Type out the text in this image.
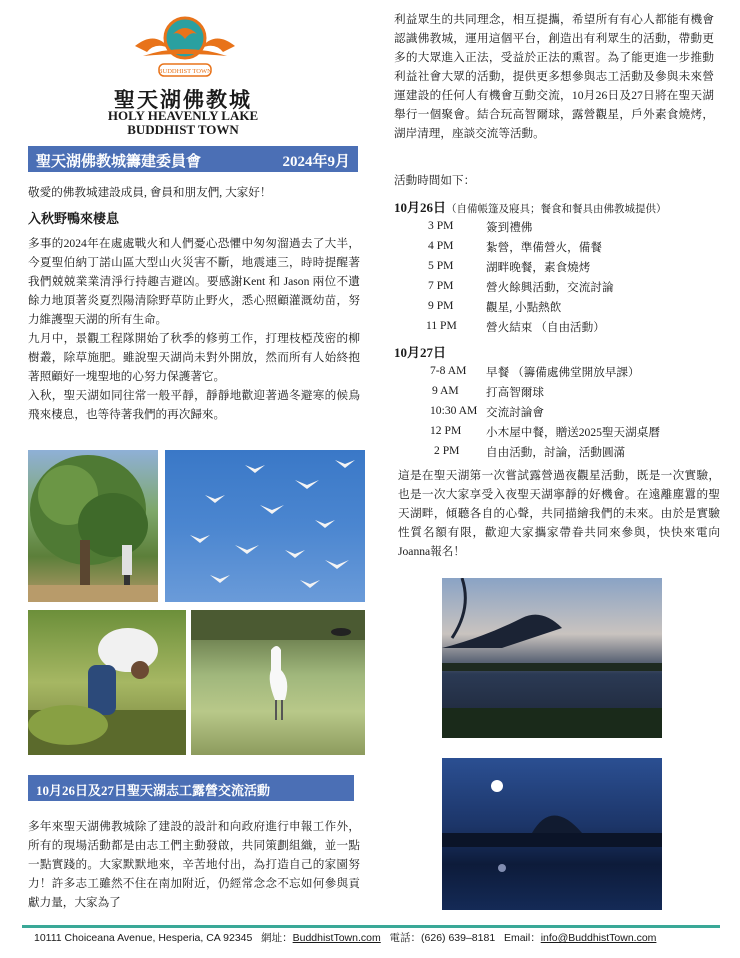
BUDDHIST TOWN
聖天湖佛教城
HOLY HEAVENLY LAKE
BUDDHIST TOWN
聖天湖佛教城籌建委員會	2024年9月
敬愛的佛教城建設成員, 會員和朋友們, 大家好！
入秋野鴨來棲息

多事的2024年在處處戰火和人們憂心恐懼中匆匆溜過去了大半，今夏聖伯納丁諾山區大型山火災害不斷，地震連三，時時提醒著我們兢兢業業清淨行持趣吉避凶。要感謝Kent 和 Jason 兩位不遺餘力地頂著炎夏烈陽清除野草防止野火，悉心照顧灌溉幼苗，努力維護聖天湖的所有生命。

九月中，景觀工程隊開始了秋季的修剪工作，打理枝椏茂密的柳樹叢，除草施肥。雖說聖天湖尚未對外開放，然而所有人始終抱著照顧好一塊聖地的心努力保護著它。

入秋，聖天湖如同往常一般平靜，靜靜地歡迎著過冬避寒的候鳥飛來棲息，也等待著我們的再次歸來。

10月26日及27日聖天湖志工露營交流活動

多年來聖天湖佛教城除了建設的設計和向政府進行申報工作外，所有的現場活動都是由志工們主動發啟，共同策劃組織，並一點一點實踐的。大家默默地來，辛苦地付出，為打造自己的家園努力！許多志工雖然不住在南加附近，仍經常念念不忘如何參與貢獻力量，大家為了

利益眾生的共同理念，相互提攜，希望所有有心人都能有機會認識佛教城，運用這個平台，創造出有利眾生的活動，帶動更多的大眾進入正法，受益於正法的熏習。為了能更進一步推動利益社會大眾的活動，提供更多想參與志工活動及參與未來營運建設的任何人有機會互動交流，10月26日及27日將在聖天湖舉行一個聚會。結合玩高智爾球，露營觀星，戶外素食燒烤，湖岸清理，座談交流等活動。

活動時間如下：
10月26日（自備帳篷及寢具；餐食和餐具由佛教城提供）
3 PM	簽到禮佛
4 PM	紮營，準備營火，備餐
5 PM	湖畔晚餐，素食燒烤
7 PM	營火餘興活動，交流討論
9 PM	觀星, 小點熱飲
11 PM	營火結束 （自由活動）
10月27日
7-8 AM 早餐 （籌備處佛堂開放早課）
9 AM 打高智爾球
10:30 AM 交流討論會
12 PM 小木屋中餐，贈送2025聖天湖桌曆
2 PM 自由活動，討論，活動圓滿

這是在聖天湖第一次嘗試露營過夜觀星活動，既是一次實驗，也是一次大家享受入夜聖天湖寧靜的好機會。在遠離塵囂的聖天湖畔，傾聽各自的心聲，共同描繪我們的未來。由於是實驗性質名額有限，歡迎大家攜家帶眷共同來參與，快快來電向Joanna報名！

10111 Choiceana Avenue, Hesperia, CA 92345 網址：BuddhistTown.com 電話：(626) 639–8181 Email：info@BuddhistTown.com
